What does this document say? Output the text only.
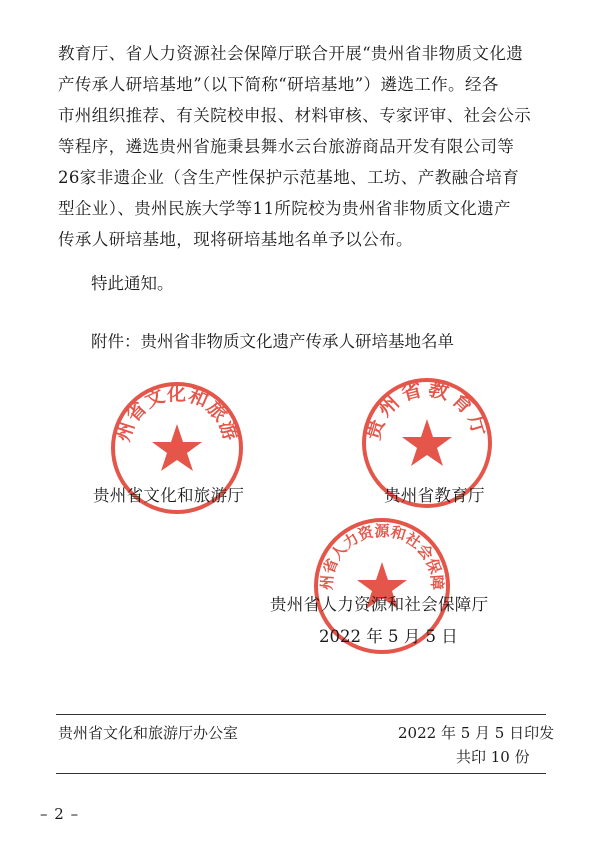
教育厅、省人力资源社会保障厅联合开展“贵州省非物质文化遗

产传承人研培基地”（以下简称“研培基地”）遴选工作。经各

市州组织推荐、有关院校申报、材料审核、专家评审、社会公示

等程序，遴选贵州省施秉县舞水云台旅游商品开发有限公司等

26家非遗企业（含生产性保护示范基地、工坊、产教融合培育

型企业）、贵州民族大学等11所院校为贵州省非物质文化遗产

传承人研培基地，现将研培基地名单予以公布。

特此通知。
附件：贵州省非物质文化遗产传承人研培基地名单
州省文化和旅游	贵州省教育厅
州省人力资源和社会保障
贵州省文化和旅游厅	贵州省教育厅
贵州省人力资源和社会保障厅
2022 年 5 月 5 日
贵州省文化和旅游厅办公室	2022 年 5 月 5 日印发
共印 10 份
– 2 –
